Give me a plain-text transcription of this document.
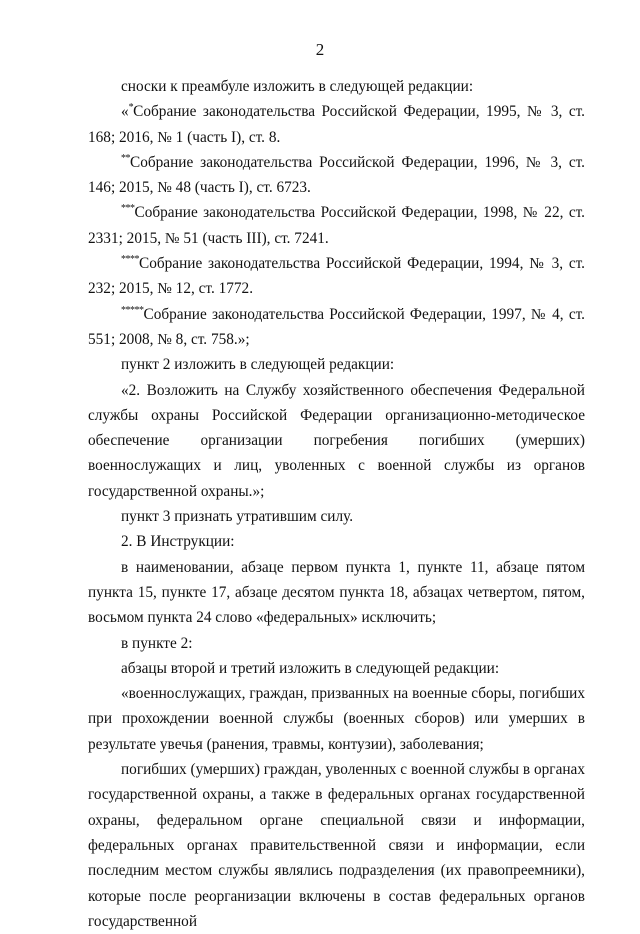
2

сноски к преамбуле изложить в следующей редакции:

«*Собрание законодательства Российской Федерации, 1995, № 3, ст. 168; 2016, № 1 (часть I), ст. 8.

**Собрание законодательства Российской Федерации, 1996, № 3, ст. 146; 2015, № 48 (часть I), ст. 6723.

***Собрание законодательства Российской Федерации, 1998, № 22, ст. 2331; 2015, № 51 (часть III), ст. 7241.

****Собрание законодательства Российской Федерации, 1994, № 3, ст. 232; 2015, № 12, ст. 1772.

*****Собрание законодательства Российской Федерации, 1997, № 4, ст. 551; 2008, № 8, ст. 758.»;

пункт 2 изложить в следующей редакции:

«2. Возложить на Службу хозяйственного обеспечения Федеральной службы охраны Российской Федерации организационно-методическое обеспечение организации погребения погибших (умерших) военнослужащих и лиц, уволенных с военной службы из органов государственной охраны.»;

пункт 3 признать утратившим силу.

2. В Инструкции:

в наименовании, абзаце первом пункта 1, пункте 11, абзаце пятом пункта 15, пункте 17, абзаце десятом пункта 18, абзацах четвертом, пятом, восьмом пункта 24 слово «федеральных» исключить;

в пункте 2:

абзацы второй и третий изложить в следующей редакции:

«военнослужащих, граждан, призванных на военные сборы, погибших при прохождении военной службы (военных сборов) или умерших в результате увечья (ранения, травмы, контузии), заболевания;

погибших (умерших) граждан, уволенных с военной службы в органах государственной охраны, а также в федеральных органах государственной охраны, федеральном органе специальной связи и информации, федеральных органах правительственной связи и информации, если последним местом службы являлись подразделения (их правопреемники), которые после реорганизации включены в состав федеральных органов государственной
